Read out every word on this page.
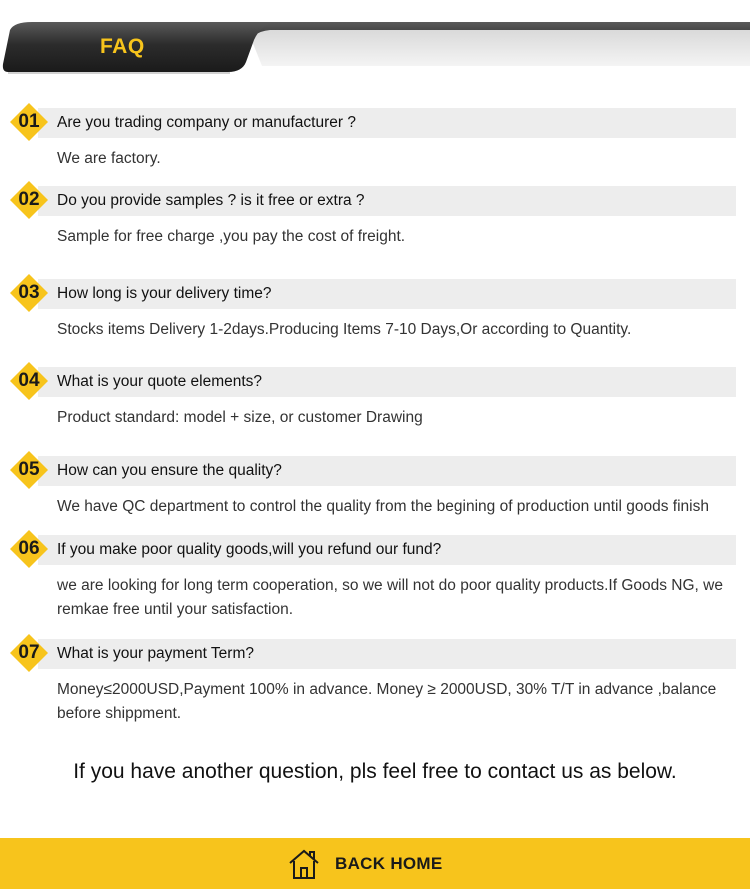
FAQ
01	Are you trading company or manufacturer ?
We are factory.
02	Do you provide samples ? is it free or extra ?
Sample for free charge ,you pay the cost of freight.
03	How long is your delivery time?
Stocks items Delivery 1-2days.Producing Items 7-10 Days,Or according to Quantity.
04	What is your quote elements?
Product standard: model + size, or customer Drawing
05	How can you ensure the quality?
We have QC department to control the quality from the begining of production until goods finish
06	If you make poor quality goods,will you refund our fund?
we are looking for long term cooperation, so we will not do poor quality products.If Goods NG, we remkae free until your satisfaction.
07	What is your payment Term?
Money≤2000USD,Payment 100% in advance. Money ≥ 2000USD, 30% T/T in advance ,balance before shippment.
If you have another question, pls feel free to contact us as below.
BACK HOME
